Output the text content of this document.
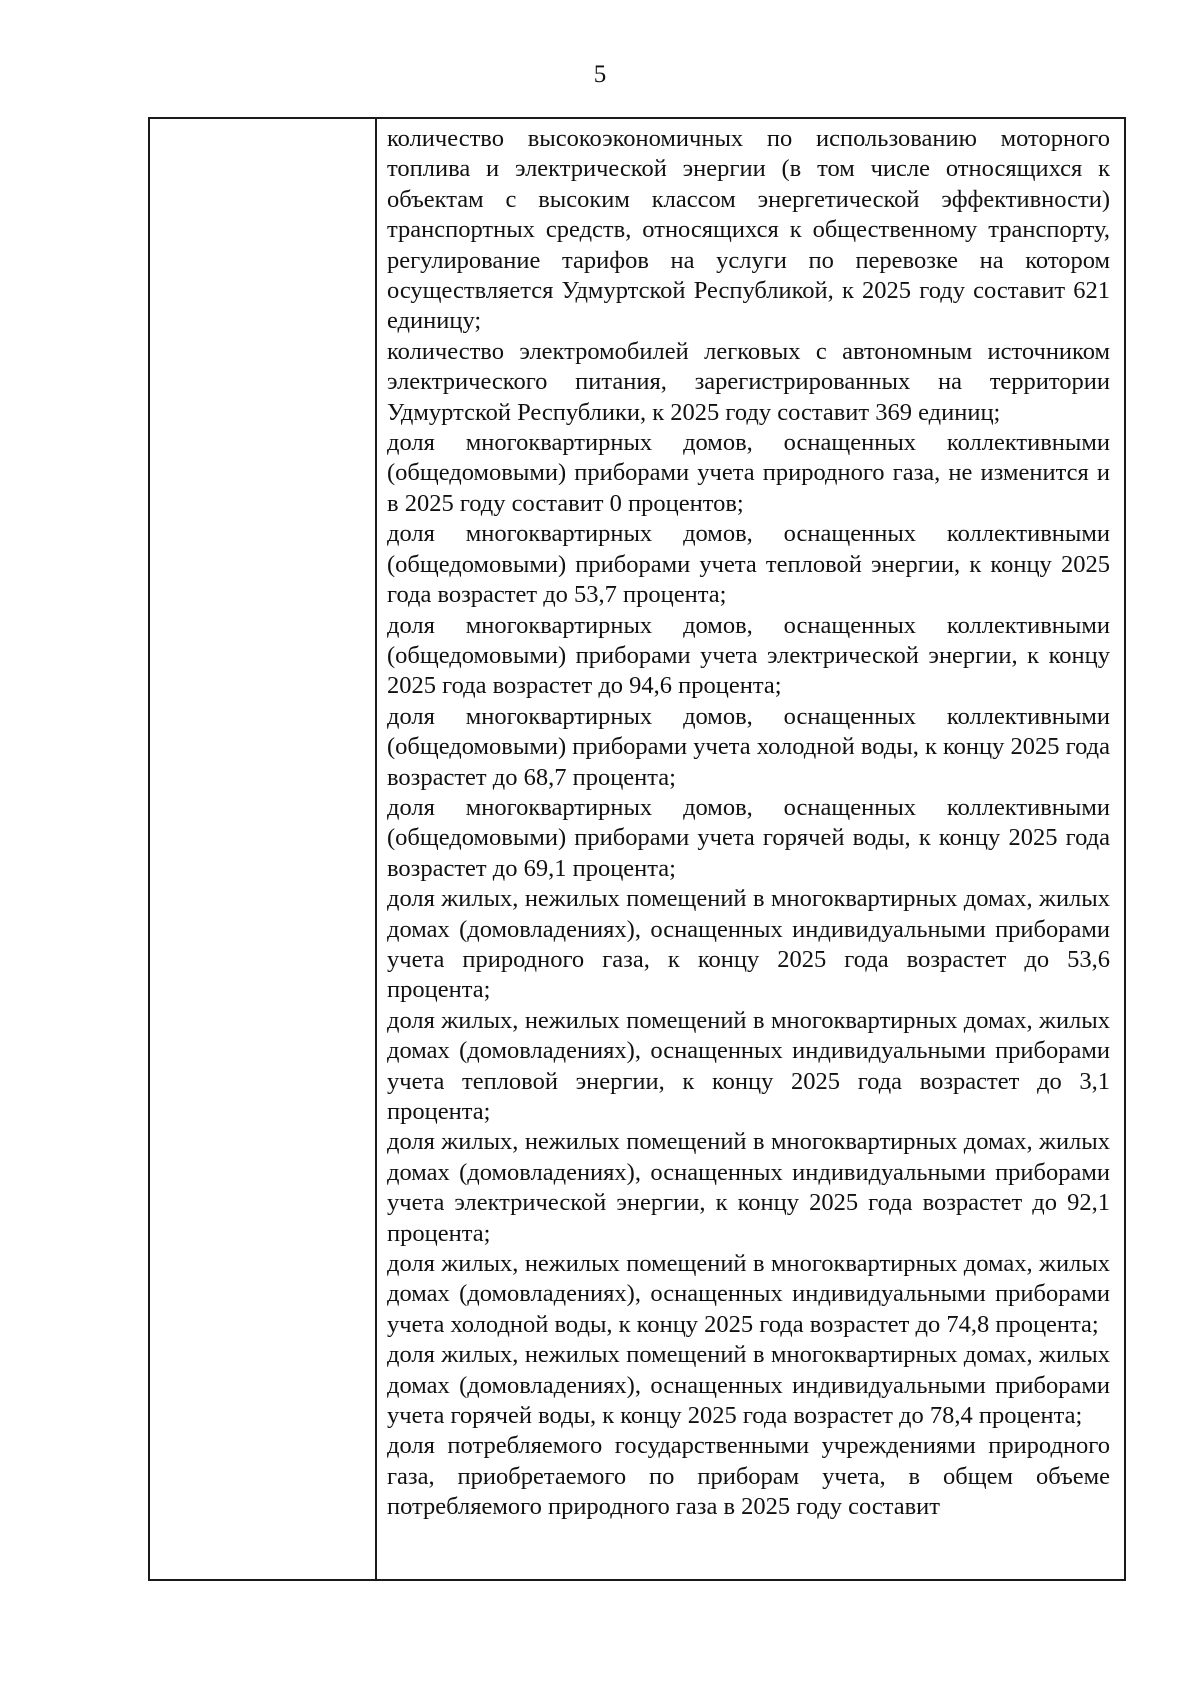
5

количество высокоэкономичных по использованию моторного топлива и электрической энергии (в том числе относящихся к объектам с высоким классом энергетической эффективности) транспортных средств, относящихся к общественному транспорту, регулирование тарифов на услуги по перевозке на котором осуществляется Удмуртской Республикой, к 2025 году составит 621 единицу;

количество электромобилей легковых с автономным источником электрического питания, зарегистрированных на территории Удмуртской Республики, к 2025 году составит 369 единиц;

доля многоквартирных домов, оснащенных коллективными (общедомовыми) приборами учета природного газа, не изменится и в 2025 году составит 0 процентов;

доля многоквартирных домов, оснащенных коллективными (общедомовыми) приборами учета тепловой энергии, к концу 2025 года возрастет до 53,7 процента;

доля многоквартирных домов, оснащенных коллективными (общедомовыми) приборами учета электрической энергии, к концу 2025 года возрастет до 94,6 процента;

доля многоквартирных домов, оснащенных коллективными (общедомовыми) приборами учета холодной воды, к концу 2025 года возрастет до 68,7 процента;

доля многоквартирных домов, оснащенных коллективными (общедомовыми) приборами учета горячей воды, к концу 2025 года возрастет до 69,1 процента;

доля жилых, нежилых помещений в многоквартирных домах, жилых домах (домовладениях), оснащенных индивидуальными приборами учета природного газа, к концу 2025 года возрастет до 53,6 процента;

доля жилых, нежилых помещений в многоквартирных домах, жилых домах (домовладениях), оснащенных индивидуальными приборами учета тепловой энергии, к концу 2025 года возрастет до 3,1 процента;

доля жилых, нежилых помещений в многоквартирных домах, жилых домах (домовладениях), оснащенных индивидуальными приборами учета электрической энергии, к концу 2025 года возрастет до 92,1 процента;

доля жилых, нежилых помещений в многоквартирных домах, жилых домах (домовладениях), оснащенных индивидуальными приборами учета холодной воды, к концу 2025 года возрастет до 74,8 процента;

доля жилых, нежилых помещений в многоквартирных домах, жилых домах (домовладениях), оснащенных индивидуальными приборами учета горячей воды, к концу 2025 года возрастет до 78,4 процента;

доля потребляемого государственными учреждениями природного газа, приобретаемого по приборам учета, в общем объеме потребляемого природного газа в 2025 году составит
